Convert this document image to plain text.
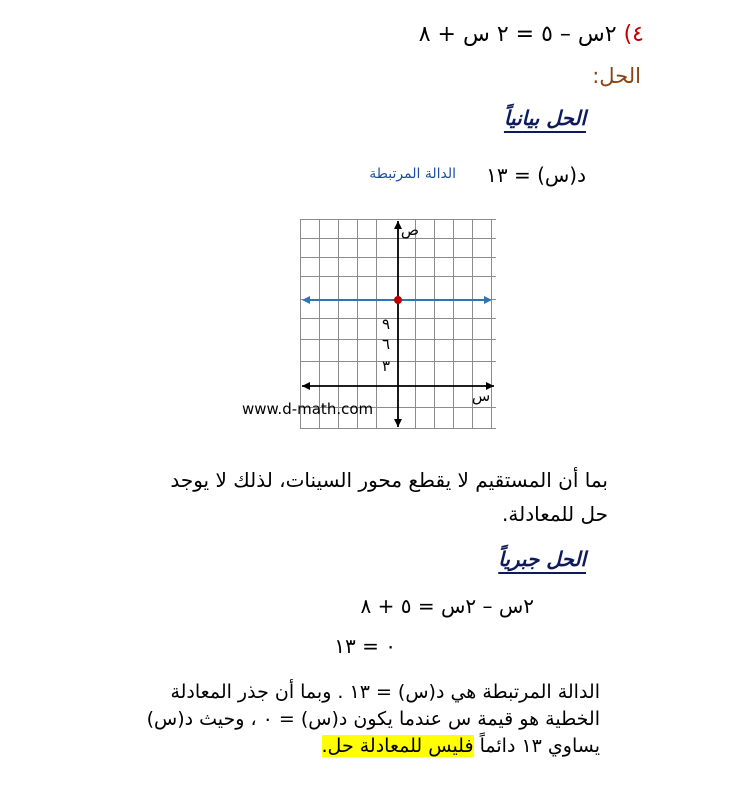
٤) ٢س – ٥ = ٢ س + ٨
الحل:
الحل بيانياً
د(س) = ١٣
الدالة المرتبطة
ص
س
٩
٦
٣
www.d-math.com
بما أن المستقيم لا يقطع محور السينات، لذلك لا يوجد حل للمعادلة.
الحل جبرياً
٢س – ٢س = ٥ + ٨
٠ = ١٣
الدالة المرتبطة هي د(س) = ١٣ . وبما أن جذر المعادلة الخطية هو قيمة س عندما يكون د(س) = ٠ ، وحيث د(س) يساوي ١٣ دائماً فليس للمعادلة حل.
